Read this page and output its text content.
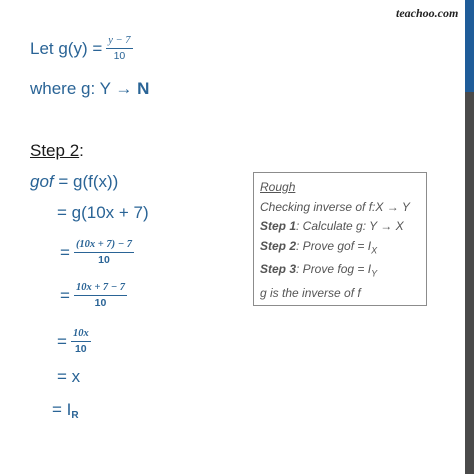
teachoo.com
Let $g(y) = \frac{y - 7}{10}$
where g: Y → N
Step 2:
gof = g(f(x))
= g(10x + 7)
= $\frac{(10x + 7) - 7}{10}$
= $\frac{10x + 7 - 7}{10}$
= $\frac{10x}{10}$
= x
= IR
Rough
Checking inverse of f:X → Y
Step 1: Calculate g: Y → X
Step 2: Prove gof = $I_X$
Step 3: Prove fog = $I_Y$
g is the inverse of f
